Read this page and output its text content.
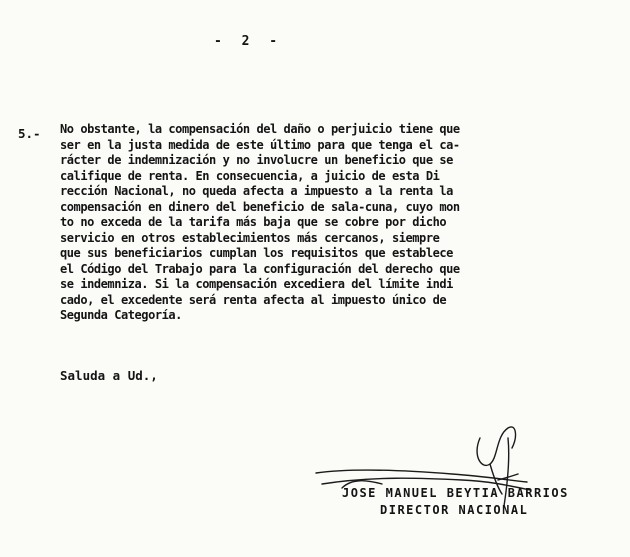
- 2 -
5.- No obstante, la compensación del daño o perjuicio tiene que
ser en la justa medida de este último para que tenga el ca-
rácter de indemnización y no involucre un beneficio que se
califique de renta. En consecuencia, a juicio de esta Di
rección Nacional, no queda afecta a impuesto a la renta la
compensación en dinero del beneficio de sala-cuna, cuyo mon
to no exceda de la tarifa más baja que se cobre por dicho
servicio en otros establecimientos más cercanos, siempre
que sus beneficiarios cumplan los requisitos que establece
el Código del Trabajo para la configuración del derecho que
se indemniza. Si la compensación excediera del límite indi
cado, el excedente será renta afecta al impuesto único de
Segunda Categoría.
Saluda a Ud.,
JOSE MANUEL BEYTIA BARRIOS
DIRECTOR NACIONAL
